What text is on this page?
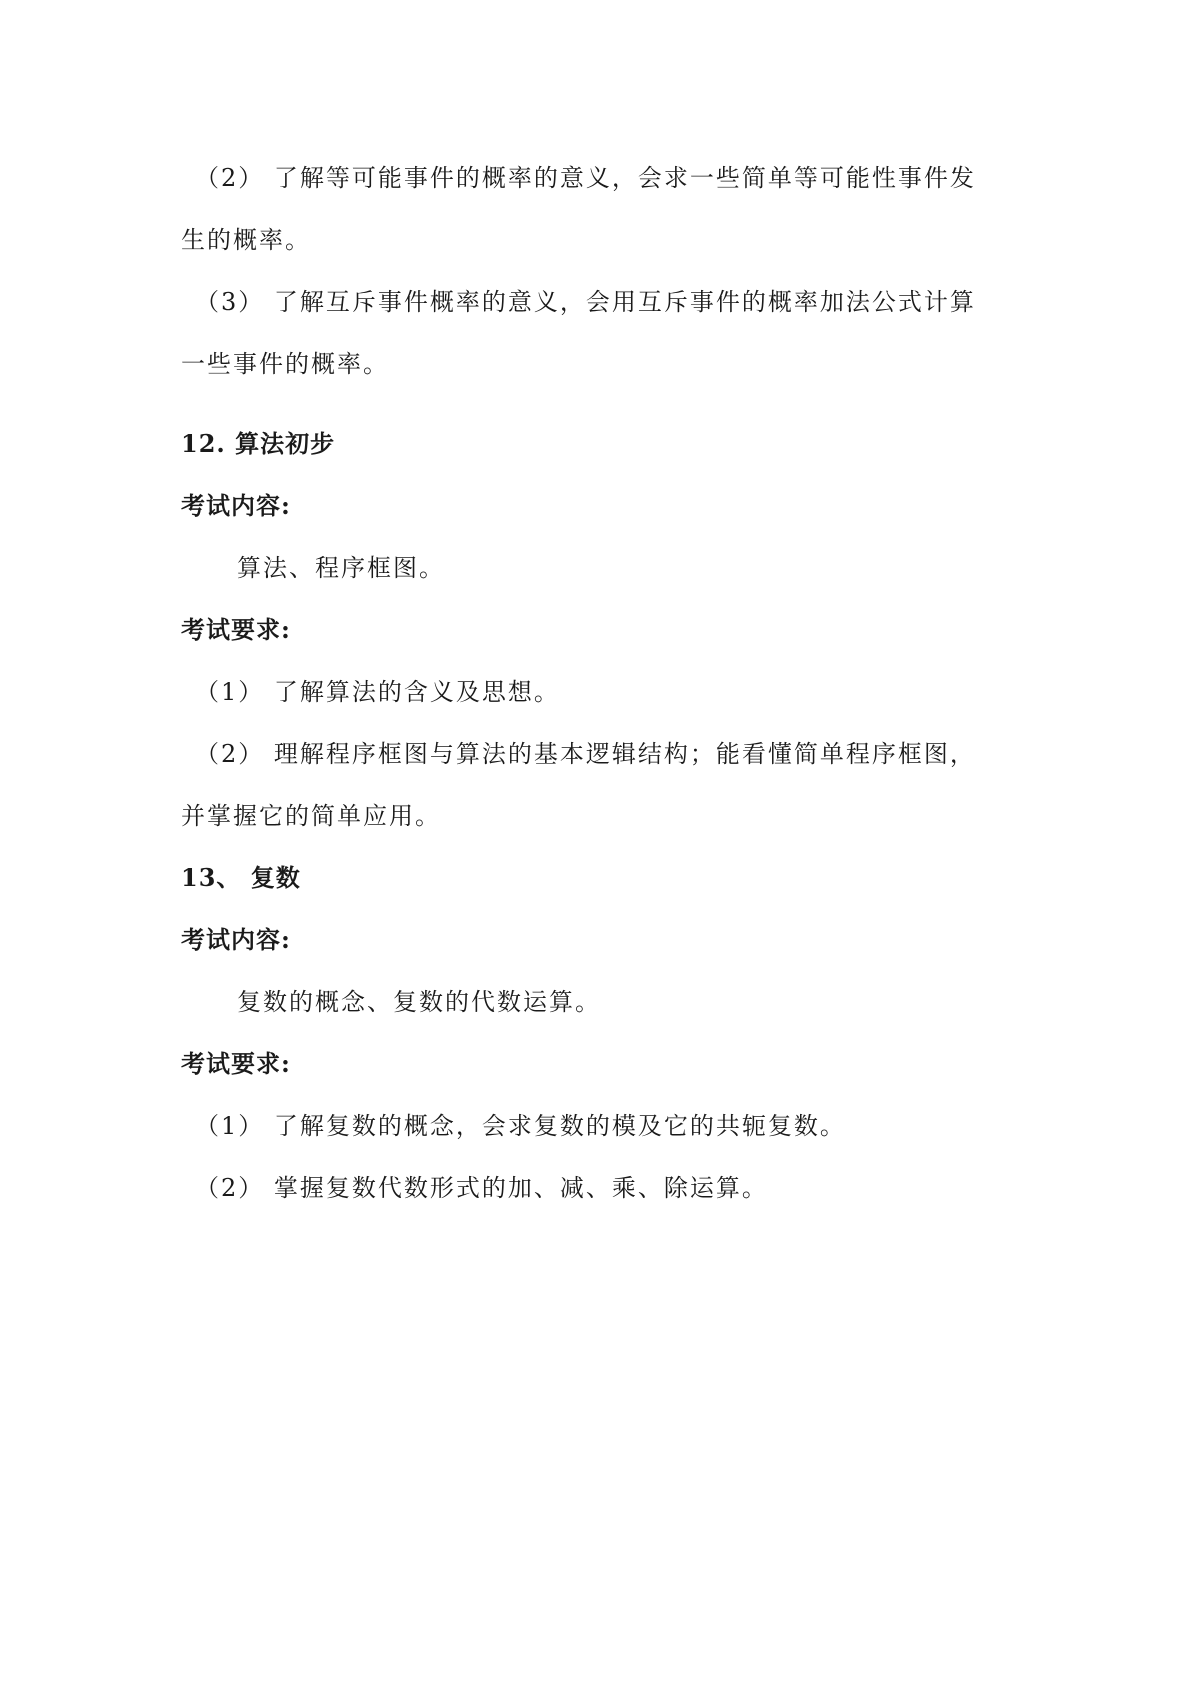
（2） 了解等可能事件的概率的意义，会求一些简单等可能性事件发
生的概率。
（3） 了解互斥事件概率的意义，会用互斥事件的概率加法公式计算
一些事件的概率。
12. 算法初步
考试内容:
算法、程序框图。
考试要求:
（1） 了解算法的含义及思想。
（2） 理解程序框图与算法的基本逻辑结构；能看懂简单程序框图，
并掌握它的简单应用。
13、 复数
考试内容:
复数的概念、复数的代数运算。
考试要求:
（1） 了解复数的概念，会求复数的模及它的共轭复数。
（2） 掌握复数代数形式的加、减、乘、除运算。
